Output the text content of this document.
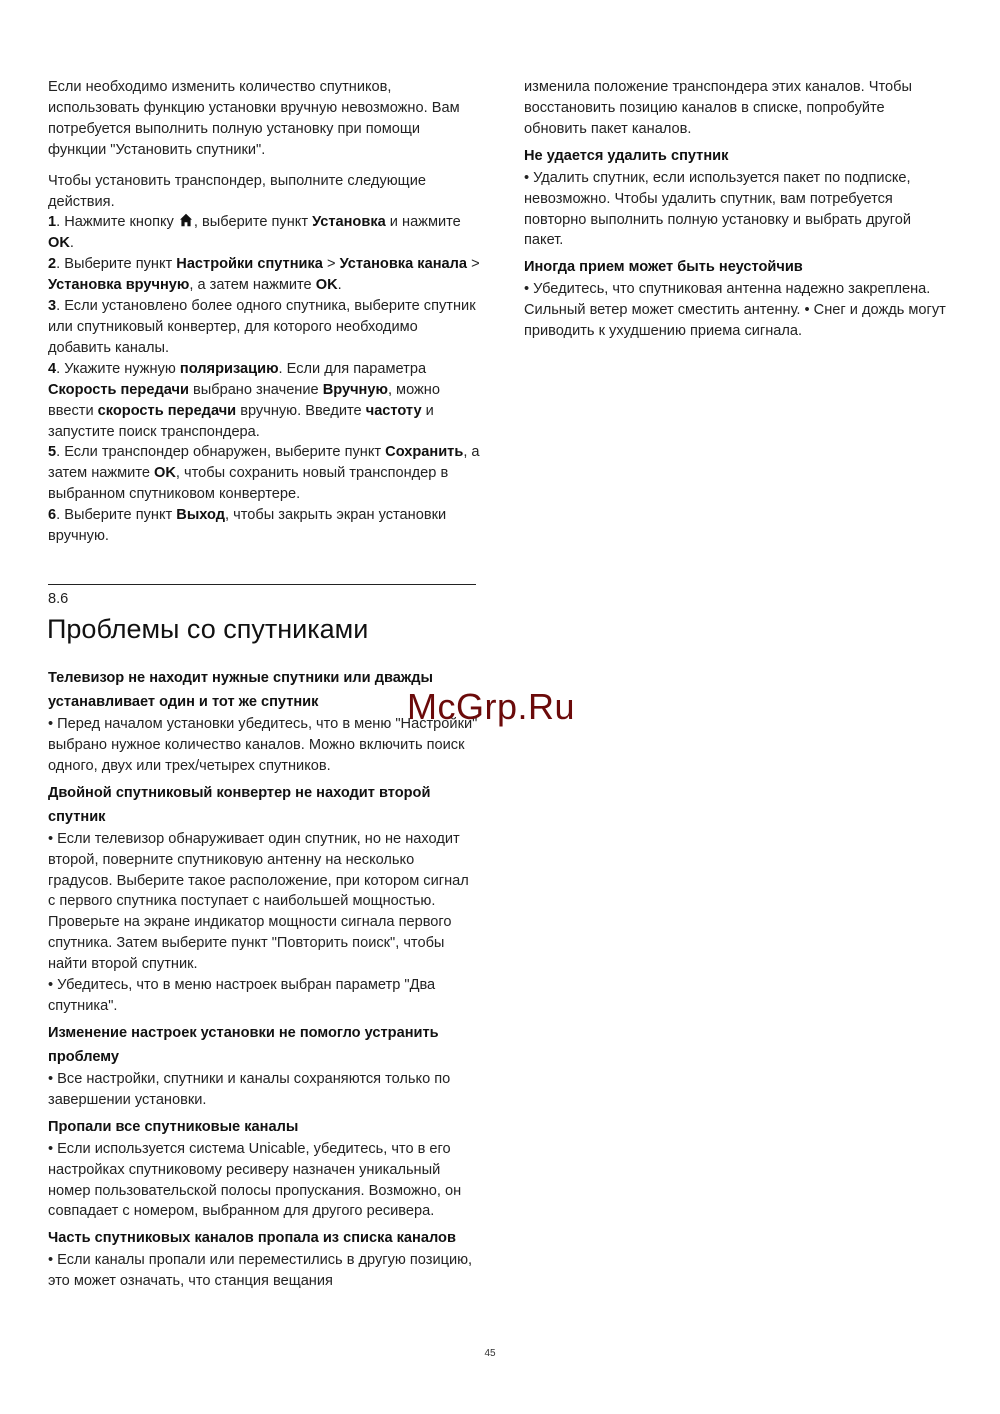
Если необходимо изменить количество спутников, использовать функцию установки вручную невозможно. Вам потребуется выполнить полную установку при помощи функции "Установить спутники".

Чтобы установить транспондер, выполните следующие действия.

1. Нажмите кнопку , выберите пункт Установка и нажмите OK.

2. Выберите пункт Настройки спутника > Установка канала > Установка вручную, а затем нажмите OK.

3. Если установлено более одного спутника, выберите спутник или спутниковый конвертер, для которого необходимо добавить каналы.

4. Укажите нужную поляризацию. Если для параметра Скорость передачи выбрано значение Вручную, можно ввести скорость передачи вручную. Введите частоту и запустите поиск транспондера.

5. Если транспондер обнаружен, выберите пункт Сохранить, а затем нажмите OK, чтобы сохранить новый транспондер в выбранном спутниковом конвертере.

6. Выберите пункт Выход, чтобы закрыть экран установки вручную.

8.6
Проблемы со спутниками

Телевизор не находит нужные спутники или дважды устанавливает один и тот же спутник

• Перед началом установки убедитесь, что в меню "Настройки" выбрано нужное количество каналов. Можно включить поиск одного, двух или трех/четырех спутников.

Двойной спутниковый конвертер не находит второй спутник

• Если телевизор обнаруживает один спутник, но не находит второй, поверните спутниковую антенну на несколько градусов. Выберите такое расположение, при котором сигнал с первого спутника поступает с наибольшей мощностью. Проверьте на экране индикатор мощности сигнала первого спутника. Затем выберите пункт "Повторить поиск", чтобы найти второй спутник.

• Убедитесь, что в меню настроек выбран параметр "Два спутника".

Изменение настроек установки не помогло устранить проблему

• Все настройки, спутники и каналы сохраняются только по завершении установки.

Пропали все спутниковые каналы

• Если используется система Unicable, убедитесь, что в его настройках спутниковому ресиверу назначен уникальный номер пользовательской полосы пропускания. Возможно, он совпадает с номером, выбранном для другого ресивера.

Часть спутниковых каналов пропала из списка каналов

• Если каналы пропали или переместились в другую позицию, это может означать, что станция вещания

изменила положение транспондера этих каналов. Чтобы восстановить позицию каналов в списке, попробуйте обновить пакет каналов.

Не удается удалить спутник

• Удалить спутник, если используется пакет по подписке, невозможно. Чтобы удалить спутник, вам потребуется повторно выполнить полную установку и выбрать другой пакет.

Иногда прием может быть неустойчив

• Убедитесь, что спутниковая антенна надежно закреплена. Сильный ветер может сместить антенну. • Снег и дождь могут приводить к ухудшению приема сигнала.

McGrp.Ru
45
